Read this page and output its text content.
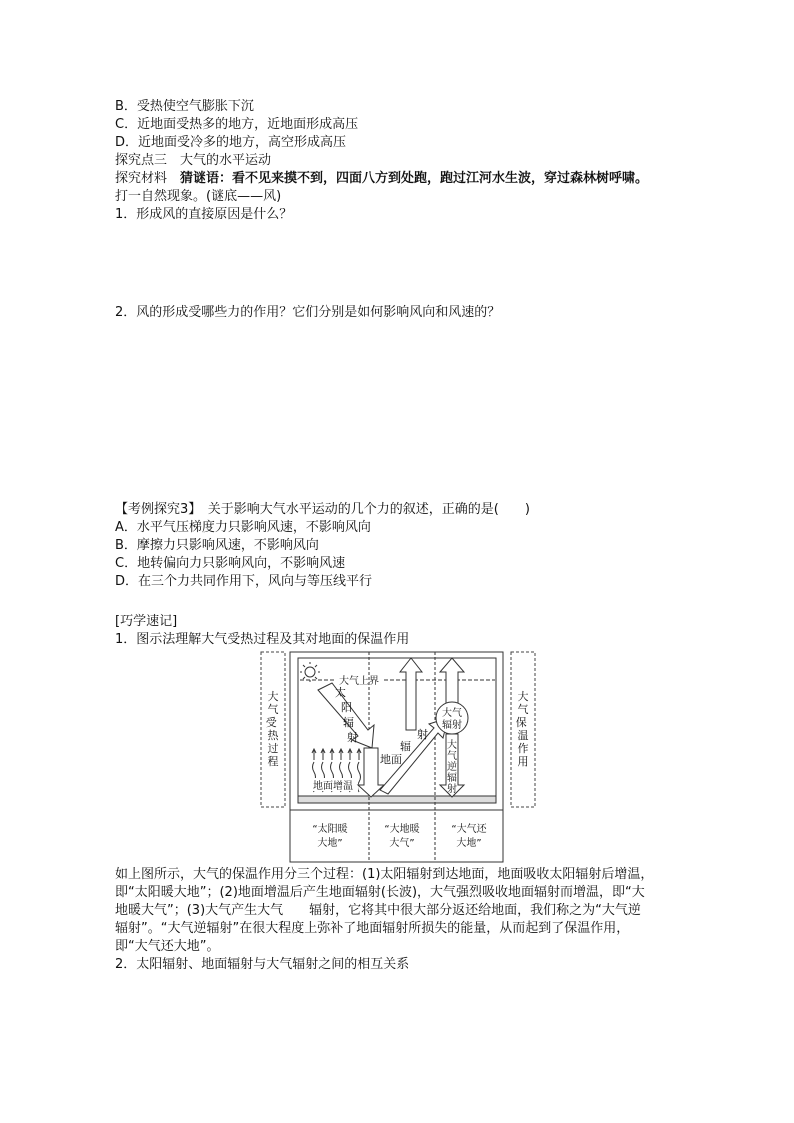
B．受热使空气膨胀下沉
C．近地面受热多的地方，近地面形成高压
D．近地面受冷多的地方，高空形成高压
探究点三　大气的水平运动
探究材料　猜谜语：看不见来摸不到，四面八方到处跑，跑过江河水生波，穿过森林树呼啸。
打一自然现象。(谜底——风)
1．形成风的直接原因是什么？
2．风的形成受哪些力的作用？它们分别是如何影响风向和风速的？
【考例探究3】　关于影响大气水平运动的几个力的叙述，正确的是(　　)
A．水平气压梯度力只影响风速，不影响风向
B．摩擦力只影响风速，不影响风向
C．地转偏向力只影响风向，不影响风速
D．在三个力共同作用下，风向与等压线平行
[巧学速记]
1．图示法理解大气受热过程及其对地面的保温作用
大气受 热过程
大气保 温作用
大气上界
太阳辐射
地面增温
地面辐射
大气辐射
大气逆辐射
“太阳暖大地”
“大地暖大气”
“大气还大地”
如上图所示，大气的保温作用分三个过程：(1)太阳辐射到达地面，地面吸收太阳辐射后增温，
即“太阳暖大地”；(2)地面增温后产生地面辐射(长波)，大气强烈吸收地面辐射而增温，即“大
地暖大气”；(3)大气产生大气　　辐射，它将其中很大部分返还给地面，我们称之为“大气逆
辐射”。“大气逆辐射”在很大程度上弥补了地面辐射所损失的能量，从而起到了保温作用，
即“大气还大地”。
2．太阳辐射、地面辐射与大气辐射之间的相互关系
